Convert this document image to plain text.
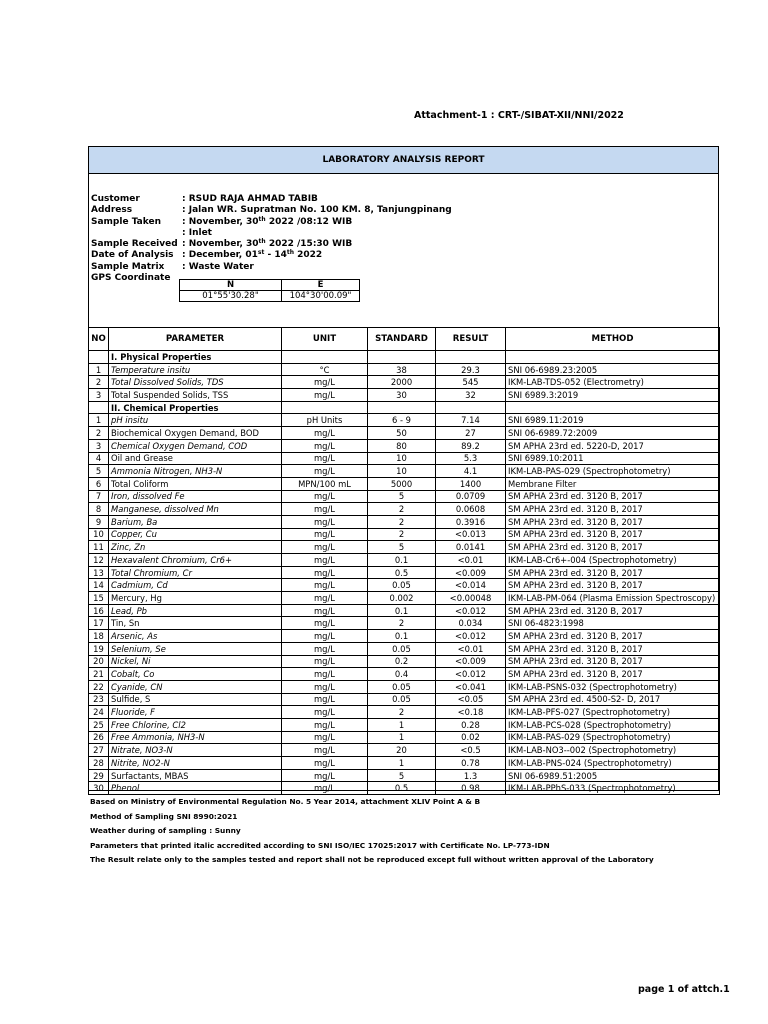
Attachment-1 : CRT-/SIBAT-XII/NNI/2022
LABORATORY ANALYSIS REPORT
Customer	: RSUD RAJA AHMAD TABIB
Address	: Jalan WR. Supratman No. 100 KM. 8, Tanjungpinang
Sample Taken	: November, 30th 2022 /08:12 WIB
: Inlet
Sample Received : November, 30th 2022 /15:30 WIB
Date of Analysis : December, 01st - 14th 2022
Sample Matrix	: Waste Water
GPS Coordinate
N	E
01°55'30.28"	104°30'00.09"
NO	PARAMETER	UNIT	STANDARD	RESULT	METHOD
	I. Physical Properties				
1	Temperature insitu	°C	38	29.3	SNI 06-6989.23:2005
2	Total Dissolved Solids, TDS	mg/L	2000	545	IKM-LAB-TDS-052 (Electrometry)
3	Total Suspended Solids, TSS	mg/L	30	32	SNI 6989.3:2019
	II. Chemical Properties				
1	pH insitu	pH Units	6 - 9	7.14	SNI 6989.11:2019
2	Biochemical Oxygen Demand, BOD	mg/L	50	27	SNI 06-6989.72:2009
3	Chemical Oxygen Demand, COD	mg/L	80	89.2	SM APHA 23rd ed. 5220-D, 2017
4	Oil and Grease	mg/L	10	5.3	SNI 6989.10:2011
5	Ammonia Nitrogen, NH3-N	mg/L	10	4.1	IKM-LAB-PAS-029 (Spectrophotometry)
6	Total Coliform	MPN/100 mL	5000	1400	Membrane Filter
7	Iron, dissolved Fe	mg/L	5	0.0709	SM APHA 23rd ed. 3120 B, 2017
8	Manganese, dissolved Mn	mg/L	2	0.0608	SM APHA 23rd ed. 3120 B, 2017
9	Barium, Ba	mg/L	2	0.3916	SM APHA 23rd ed. 3120 B, 2017
10	Copper, Cu	mg/L	2	<0.013	SM APHA 23rd ed. 3120 B, 2017
11	Zinc, Zn	mg/L	5	0.0141	SM APHA 23rd ed. 3120 B, 2017
12	Hexavalent Chromium, Cr6+	mg/L	0.1	<0.01	IKM-LAB-Cr6+-004 (Spectrophotometry)
13	Total Chromium, Cr	mg/L	0.5	<0.009	SM APHA 23rd ed. 3120 B, 2017
14	Cadmium, Cd	mg/L	0.05	<0.014	SM APHA 23rd ed. 3120 B, 2017
15	Mercury, Hg	mg/L	0.002	<0.00048	IKM-LAB-PM-064 (Plasma Emission Spectroscopy)
16	Lead, Pb	mg/L	0.1	<0.012	SM APHA 23rd ed. 3120 B, 2017
17	Tin, Sn	mg/L	2	0.034	SNI 06-4823:1998
18	Arsenic, As	mg/L	0.1	<0.012	SM APHA 23rd ed. 3120 B, 2017
19	Selenium, Se	mg/L	0.05	<0.01	SM APHA 23rd ed. 3120 B, 2017
20	Nickel, Ni	mg/L	0.2	<0.009	SM APHA 23rd ed. 3120 B, 2017
21	Cobalt, Co	mg/L	0.4	<0.012	SM APHA 23rd ed. 3120 B, 2017
22	Cyanide, CN	mg/L	0.05	<0.041	IKM-LAB-PSNS-032 (Spectrophotometry)
23	Sulfide, S	mg/L	0.05	<0.05	SM APHA 23rd ed. 4500-S2- D, 2017
24	Fluoride, F	mg/L	2	<0.18	IKM-LAB-PFS-027 (Spectrophotometry)
25	Free Chlorine, Cl2	mg/L	1	0.28	IKM-LAB-PCS-028 (Spectrophotometry)
26	Free Ammonia, NH3-N	mg/L	1	0.02	IKM-LAB-PAS-029 (Spectrophotometry)
27	Nitrate, NO3-N	mg/L	20	<0.5	IKM-LAB-NO3--002 (Spectrophotometry)
28	Nitrite, NO2-N	mg/L	1	0.78	IKM-LAB-PNS-024 (Spectrophotometry)
29	Surfactants, MBAS	mg/L	5	1.3	SNI 06-6989.51:2005
30	Phenol	mg/L	0.5	0.98	IKM-LAB-PPhS-033 (Spectrophotometry)
Based on Ministry of Environmental Regulation No. 5 Year 2014, attachment XLIV Point A & B
Method of Sampling SNI 8990:2021
Weather during of sampling : Sunny
Parameters that printed italic accredited according to SNI ISO/IEC 17025:2017 with Certificate No. LP-773-IDN
The Result relate only to the samples tested and report shall not be reproduced except full without written approval of the Laboratory
page 1 of attch.1
